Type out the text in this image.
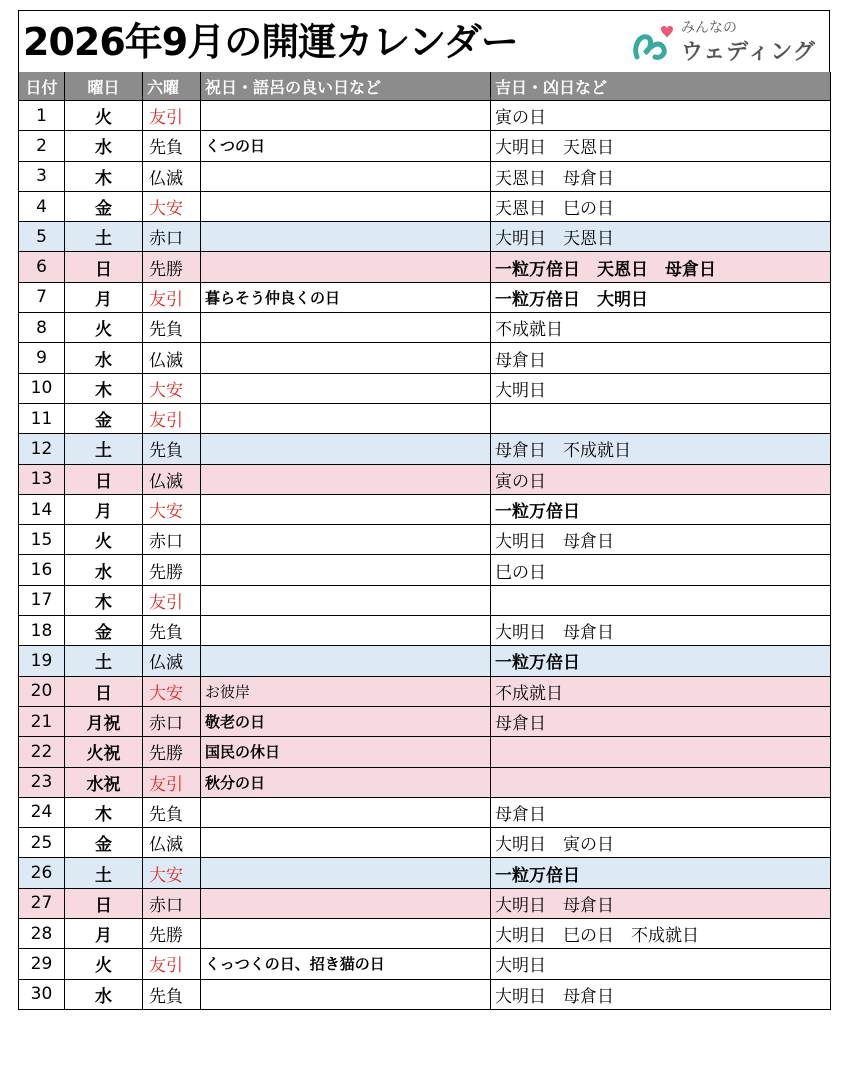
2026年9月の開運カレンダー	みんなの
ウェディング
日付	曜日	六曜	祝日・語呂の良い日など	吉日・凶日など
1	火	友引		寅の日
2	水	先負	くつの日	大明日　天恩日
3	木	仏滅		天恩日　母倉日
4	金	大安		天恩日　巳の日
5	土	赤口		大明日　天恩日
6	日	先勝		一粒万倍日　天恩日　母倉日
7	月	友引	暮らそう仲良くの日	一粒万倍日　大明日
8	火	先負		不成就日
9	水	仏滅		母倉日
10	木	大安		大明日
11	金	友引		
12	土	先負		母倉日　不成就日
13	日	仏滅		寅の日
14	月	大安		一粒万倍日
15	火	赤口		大明日　母倉日
16	水	先勝		巳の日
17	木	友引		
18	金	先負		大明日　母倉日
19	土	仏滅		一粒万倍日
20	日	大安	お彼岸	不成就日
21	月祝	赤口	敬老の日	母倉日
22	火祝	先勝	国民の休日	
23	水祝	友引	秋分の日	
24	木	先負		母倉日
25	金	仏滅		大明日　寅の日
26	土	大安		一粒万倍日
27	日	赤口		大明日　母倉日
28	月	先勝		大明日　巳の日　不成就日
29	火	友引	くっつくの日、招き猫の日	大明日
30	水	先負		大明日　母倉日
